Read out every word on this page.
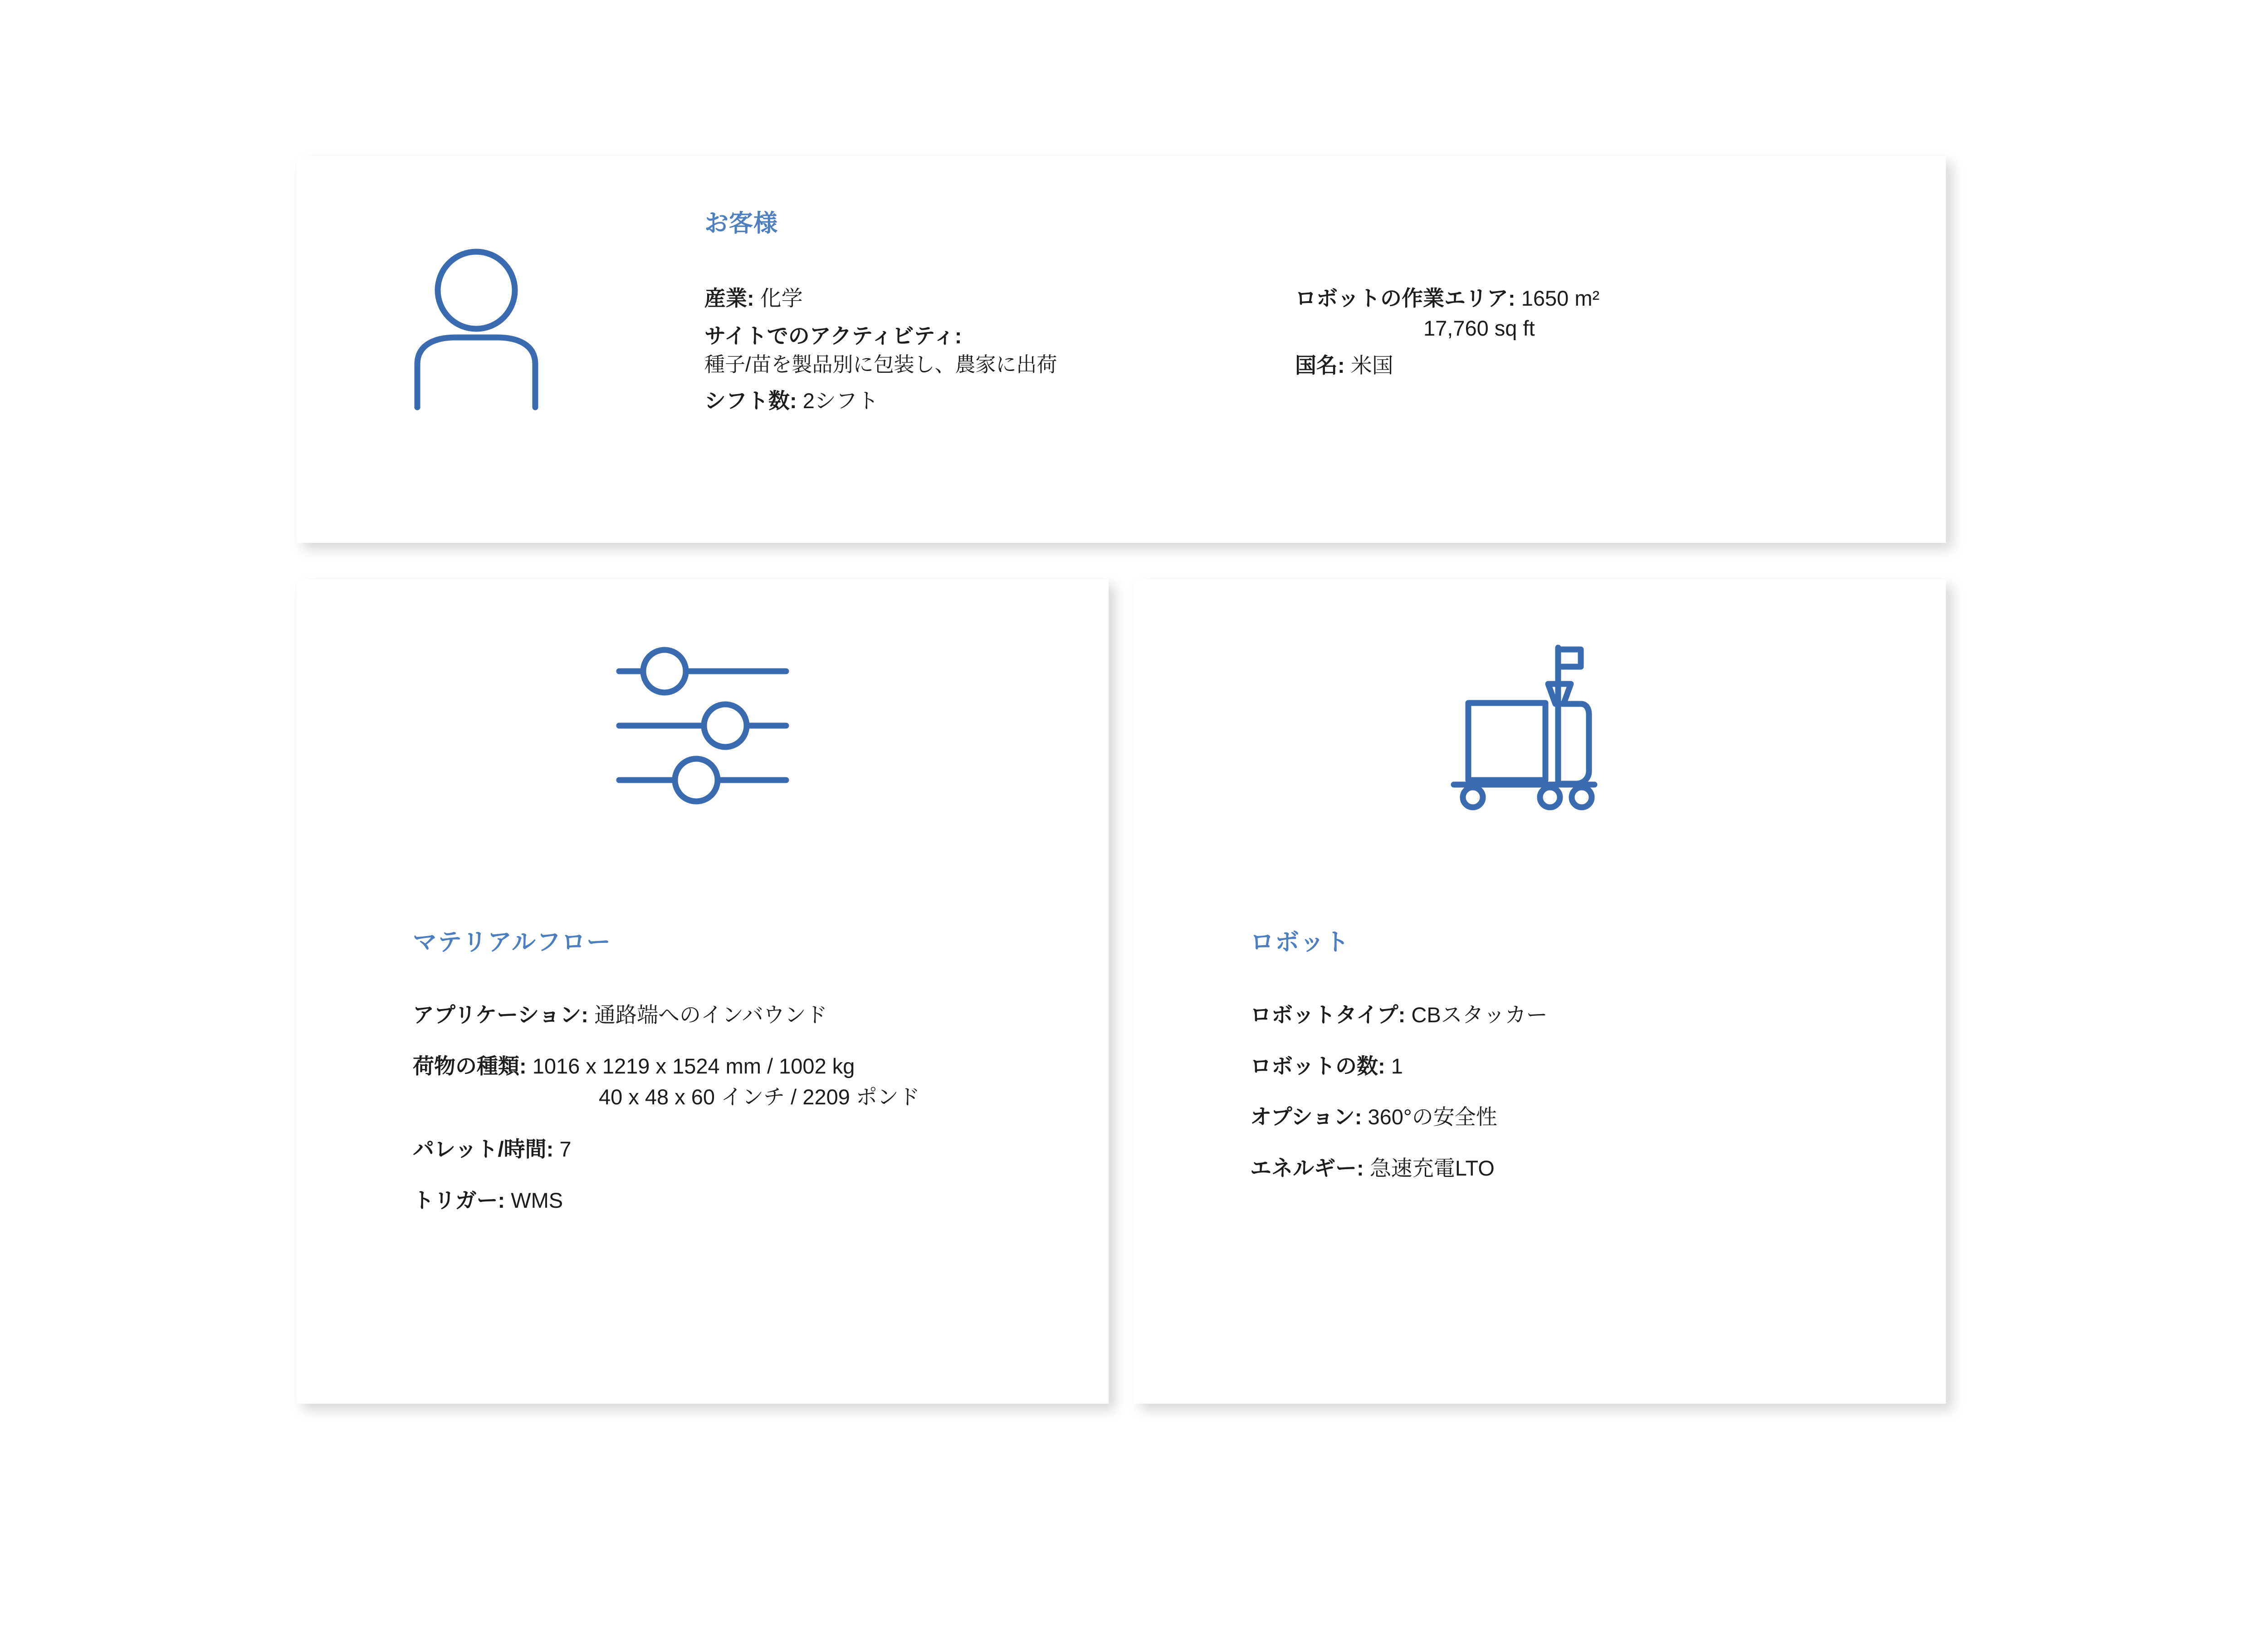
お客様
産業: 化学
サイトでのアクティビティ:
種子/苗を製品別に包装し、農家に出荷
シフト数: 2シフト
ロボットの作業エリア: 1650 m²
17,760 sq ft
国名: 米国
マテリアルフロー
アプリケーション: 通路端へのインバウンド
荷物の種類: 1016 x 1219 x 1524 mm / 1002 kg
40 x 48 x 60 インチ / 2209 ポンド
パレット/時間: 7
トリガー: WMS
ロボット
ロボットタイプ: CBスタッカー
ロボットの数: 1
オプション: 360°の安全性
エネルギー: 急速充電LTO
